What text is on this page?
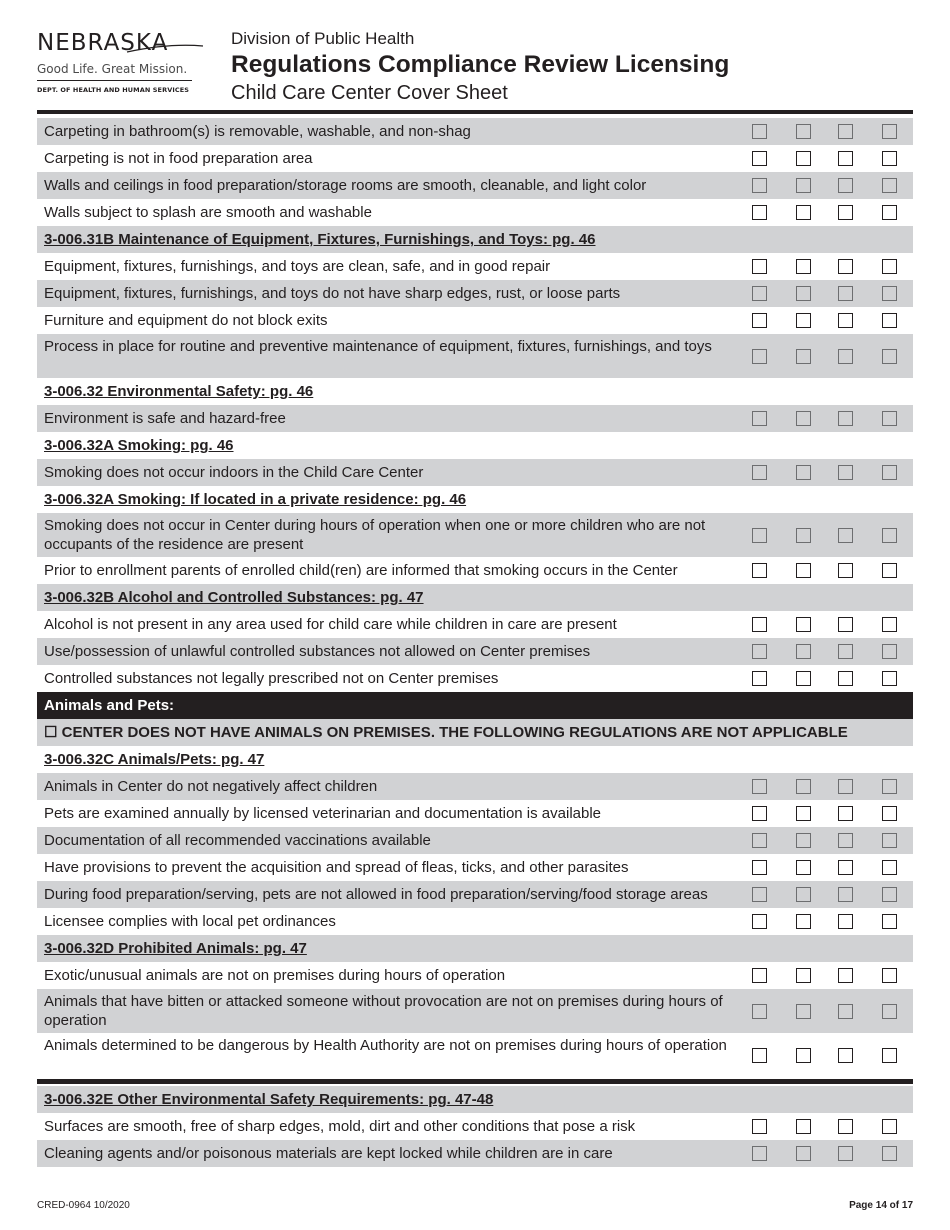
NEBRASKA
Good Life. Great Mission.
DEPT. OF HEALTH AND HUMAN SERVICES
Division of Public Health
Regulations Compliance Review Licensing
Child Care Center Cover Sheet
Carpeting in bathroom(s) is removable, washable, and non-shag
Carpeting is not in food preparation area
Walls and ceilings in food preparation/storage rooms are smooth, cleanable, and light color
Walls subject to splash are smooth and washable
3-006.31B Maintenance of Equipment, Fixtures, Furnishings, and Toys: pg. 46
Equipment, fixtures, furnishings, and toys are clean, safe, and in good repair
Equipment, fixtures, furnishings, and toys do not have sharp edges, rust, or loose parts
Furniture and equipment do not block exits
Process in place for routine and preventive maintenance of equipment, fixtures, furnishings, and toys
3-006.32 Environmental Safety: pg. 46
Environment is safe and hazard-free
3-006.32A Smoking: pg. 46
Smoking does not occur indoors in the Child Care Center
3-006.32A Smoking: If located in a private residence: pg. 46
Smoking does not occur in Center during hours of operation when one or more children who are not occupants of the residence are present
Prior to enrollment parents of enrolled child(ren) are informed that smoking occurs in the Center
3-006.32B Alcohol and Controlled Substances: pg. 47
Alcohol is not present in any area used for child care while children in care are present
Use/possession of unlawful controlled substances not allowed on Center premises
Controlled substances not legally prescribed not on Center premises
Animals and Pets:
☐ CENTER DOES NOT HAVE ANIMALS ON PREMISES. THE FOLLOWING REGULATIONS ARE NOT APPLICABLE
3-006.32C Animals/Pets: pg. 47
Animals in Center do not negatively affect children
Pets are examined annually by licensed veterinarian and documentation is available
Documentation of all recommended vaccinations available
Have provisions to prevent the acquisition and spread of fleas, ticks, and other parasites
During food preparation/serving, pets are not allowed in food preparation/serving/food storage areas
Licensee complies with local pet ordinances
3-006.32D Prohibited Animals: pg. 47
Exotic/unusual animals are not on premises during hours of operation
Animals that have bitten or attacked someone without provocation are not on premises during hours of operation
Animals determined to be dangerous by Health Authority are not on premises during hours of operation
3-006.32E Other Environmental Safety Requirements: pg. 47-48
Surfaces are smooth, free of sharp edges, mold, dirt and other conditions that pose a risk
Cleaning agents and/or poisonous materials are kept locked while children are in care
CRED-0964 10/2020	Page 14 of 17
